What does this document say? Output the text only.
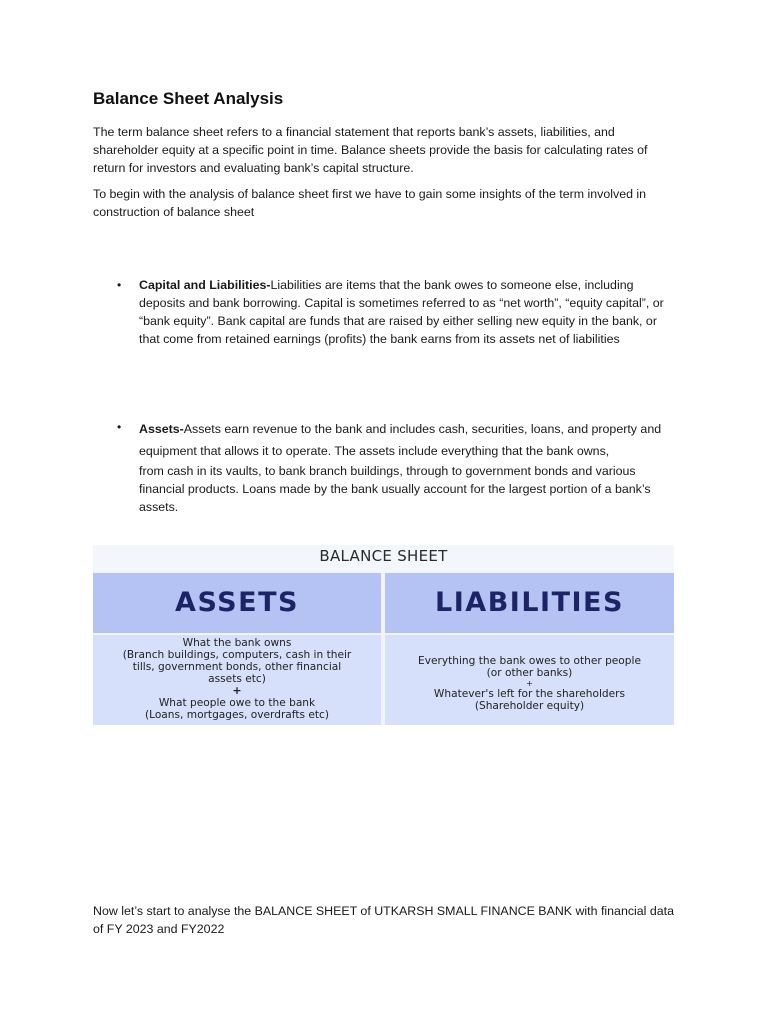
Balance Sheet Analysis

The term balance sheet refers to a financial statement that reports bank’s assets, liabilities, and shareholder equity at a specific point in time. Balance sheets provide the basis for calculating rates of return for investors and evaluating bank’s capital structure.

To begin with the analysis of balance sheet first we have to gain some insights of the term involved in construction of balance sheet

• Capital and Liabilities-Liabilities are items that the bank owes to someone else, including deposits and bank borrowing. Capital is sometimes referred to as “net worth”, “equity capital”, or “bank equity”. Bank capital are funds that are raised by either selling new equity in the bank, or that come from retained earnings (profits) the bank earns from its assets net of liabilities
• Assets-Assets earn revenue to the bank and includes cash, securities, loans, and property and equipment that allows it to operate. The assets include everything that the bank owns,
from cash in its vaults, to bank branch buildings, through to government bonds and various financial products. Loans made by the bank usually account for the largest portion of a bank’s assets.
BALANCE SHEET
ASSETS
What the bank owns
(Branch buildings, computers, cash in their
tills, government bonds, other financial
assets etc)
+
What people owe to the bank
(Loans, mortgages, overdrafts etc)
LIABILITIES
Everything the bank owes to other people
(or other banks)
+
Whatever's left for the shareholders
(Shareholder equity)

Now let’s start to analyse the BALANCE SHEET of UTKARSH SMALL FINANCE BANK with financial data of FY 2023 and FY2022
